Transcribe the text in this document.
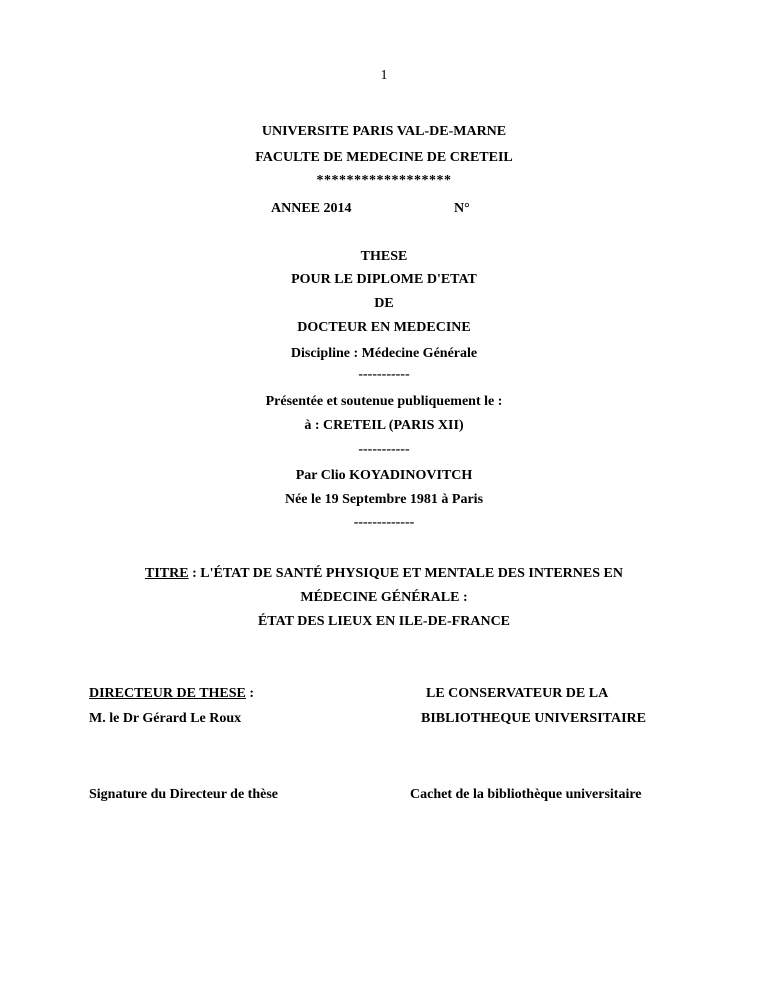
1
UNIVERSITE PARIS VAL-DE-MARNE
FACULTE DE MEDECINE DE CRETEIL
******************
ANNEE 2014	N°
THESE
POUR LE DIPLOME D'ETAT
DE
DOCTEUR EN MEDECINE
Discipline : Médecine Générale
-----------
Présentée et soutenue publiquement le :
à : CRETEIL (PARIS XII)
-----------
Par Clio KOYADINOVITCH
Née le 19 Septembre 1981 à Paris
-------------
TITRE : L'ÉTAT DE SANTÉ PHYSIQUE ET MENTALE DES INTERNES EN
MÉDECINE GÉNÉRALE :
ÉTAT DES LIEUX EN ILE-DE-FRANCE
DIRECTEUR DE THESE :
M. le Dr Gérard Le Roux
Signature du Directeur de thèse
LE CONSERVATEUR DE LA
BIBLIOTHEQUE UNIVERSITAIRE
Cachet de la bibliothèque universitaire
